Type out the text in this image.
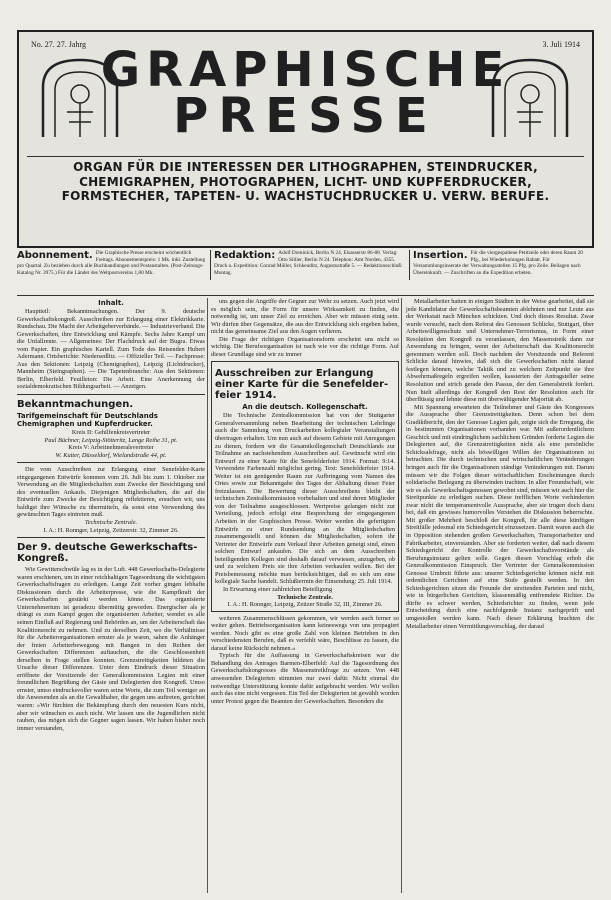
No. 27. 27. Jahrg	3. Juli 1914
GRAPHISCHE
PRESSE
ORGAN FÜR DIE INTERESSEN DER LITHOGRAPHEN, STEINDRUCKER,
CHEMIGRAPHEN, PHOTOGRAPHEN, LICHT- UND KUPFERDRUCKER,
FORMSTECHER, TAPETEN- U. WACHSTUCHDRUCKER U. VERW. BERUFE.
Abonnement. Die Graphische Presse erscheint wöchentlich Freitags. Abonnementspreis: 1 Mk. inkl. Zustellung pro Quartal. Zu beziehen durch alle Buchhandlungen und Postanstalten. (Post-Zeitungs-Katalog Nr. 3975.) Für die Länder des Weltpostvereins 1,80 Mk.
Redaktion: Adolf Dominick, Berlin N 24, Elsasserstr 86-88. Verlag: Otto Sillier, Berlin N 24. Telephon: Amt Norden, 4355. Druck u. Expedition: Conrad Müller, Schkeuditz, Augustustraße 5. — Redaktionsschluß: Montag.
Insertion. Für die viergespaltene Petitzeile oder deren Raum 20 Pfg., bei Wiederholungen Rabatt. Für Versammlungsinserate der Verwaltungsstellen 15 Pfg. pro Zeile. Beilagen nach Übereinkunft. — Zuschriften an die Expedition erbeten.
Inhalt.

Hauptteil: Bekanntmachungen. Der 9. deutsche Gewerkschaftskongreß. Ausschreiben zur Erlangung einer Elektrikkarte. Rundschau. Die Macht der Arbeitgeberverbände. — Industrieverband. Die Gewerkschaften, ihre Entwicklung und Kämpfe. Sechs Jahre Kampf um die Unfallrente. — Allgemeines: Der Flachdruck auf der Bugra. Etwas vom Papier. Ein graphisches Kartell. Zum Tode des Reisenden Hubert Adermann. Ortsberichte: Niedersedlitz. — Offizieller Teil. — Fachpresse: Aus den Sektionen: Leipzig (Chemigraphen), Leipzig (Lichtdrucker), Mannheim (Steingraphen). — Die Tapetenbranche: Aus den Sektionen: Berlin, Elberfeld. Feuilleton: Die Arbeit. Eine Anerkennung der sozialdemokratischen Bildungsarbeit. — Anzeigen.

Bekanntmachungen.
Tarifgemeinschaft für Deutschlands Chemigraphen und Kupferdrucker.

Kreis II: Gehilfenkreisvertreter

Paul Büchner, Leipzig-Stötteritz, Lange Reihe 31, pt.

Kreis V: Arbeitnehmeralsvertreter

W. Kutter, Düsseldorf, Wielandstraße 44, pt.

Die vom Ausschreiben zur Erlangung einer Senefelder-Karte eingegangenen Entwürfe kommen vom 26. Juli bis zum 1. Oktober zur Verwendung an die Mitgliedschaften zum Zwecke der Besichtigung und des eventuellen Ankaufs. Diejenigen Mitgliedschaften, die auf die Entwürfe zum Zwecke der Besichtigung reflektieren, ersuchen wir, uns baldigst ihre Wünsche zu übermitteln, da sonst eine Verwendung des gewünschten Tages eintreten muß.

Technische Zentrale.

I. A.: H. Ronnger, Leipzig, Zeitzerstr. 32, Zimmer 26.

Der 9. deutsche Gewerkschafts-Kongreß.

Wie Gewitterschwüle lag es in der Luft. 448 Gewerkschafts-Delegierte waren erschienen, um in einer reichhaltigen Tagesordnung die wichtigsten Gewerkschaftsfragen zu erledigen. Lange Zeit vorher gingen lebhafte Diskussionen durch die Arbeiterpresse, wie die Kampfkraft der Gewerkschaften gestärkt werden könne. Das organisierte Unternehmertum ist geradezu übermütig geworden. Energischer als je drängt es zum Kampf gegen die organisierten Arbeiter, wendet es alle seinen Einfluß auf Regierung und Behörden an, um der Arbeiterschaft das Koalitionsrecht zu nehmen. Und zu derselben Zeit, wo die Verhältnisse für die Arbeiterorganisationen ernster als je waren, sahen die Anhänger der freien Arbeiterbewegung mit Bangen in den Reihen der Gewerkschaften Differenzen auftauchen, die die Geschlossenheit derselben in Frage stellen konnten. Grenzstreitigkeiten bildeten die Ursache dieser Differenzen. Unter dem Eindruck dieser Situation eröffnete der Vorsitzende der Generalkommission Legien mit einer freundlichen Begrüßung der Gäste und Delegierten den Kongreß. Umso ernster, umso eindrucksvoller waren seine Worte, die zum Teil weniger an die Anwesenden als an die Gewalthaber, die gegen uns auftreten, gerichtet waren: »Wir fürchten die Bekämpfung durch den neuesten Kurs nicht, aber wir wünschen es auch nicht. Wir lassen uns die Jugendlichen nicht rauben, das mögen sich die Gegner sagen lassen. Wir haben bisher noch immer verstanden,

uns gegen die Angriffe der Gegner zur Wehr zu setzen. Auch jetzt wird es möglich sein, die Form für unsere Wirksamkeit zu finden, die notwendig ist, um unser Ziel zu erreichen. Aber wir müssen einig sein. Wir dürfen über Gegensätze, die aus der Entwicklung sich ergeben haben, nicht das gemeinsame Ziel aus den Augen verlieren.

Die Frage der richtigen Organisationsform erscheint uns nicht so wichtig. Die Berufsorganisation ist nach wie vor die richtige Form. Auf dieser Grundlage sind wir zu immer

Ausschreiben zur Erlangung einer Karte für die Senefelder-feier 1914.
An die deutsch. Kollegenschaft.

Die Technische Zentralkommission hat von der Stuttgarter Generalversammlung neben Bearbeitung der technischen Lehrlinge auch die Sammlung von Druckarbeiten kollegialer Veranstaltungen übertragen erhalten. Um nun auch auf diesem Gebiete mit Anregungen zu dienen, fordern wir die Gesamtkollegenschaft Deutschlands zur Teilnahme an nachstehendem Ausschreiben auf. Gewünscht wird ein Entwurf zu einer Karte für die Senefelderfeier 1914. Format: 9:14. Verwendete Farbenzahl möglichst gering. Text: Senefelderfeier 1914. Weiter ist ein genügender Raum zur Aufbringung vom Namen des Ortes sowie zur Bekanntgabe des Tages der Abhaltung dieser Feier freizulassen. Die Bewertung dieser Ausschreibens bleibt der technischen Zentralkommission vorbehalten und sind deren Mitglieder von der Teilnahme ausgeschlossen. Wertpreise gelangen nicht zur Verteilung, jedoch erfolgt eine Besprechung der eingegangenen Arbeiten in der Graphischen Presse. Weiter werden die gefertigten Entwürfe zu einer Rundsendung an die Mitgliedschaften zusammengestellt und können die Mitgliedschaften, sofern ihr Vertreter der Entwürfe zum Verkauf ihrer Arbeiten geneigt sind, einen solchen Entwurf ankaufen. Die sich an dem Ausschreiben beteiligenden Kollegen sind deshalb darauf verwiesen, anzugeben, ob und zu welchem Preis sie ihre Arbeiten verkaufen wollen. Bei der Preisbemessung möchte man berücksichtigen, daß es sich um eine kollegiale Sache handelt. Schlußtermin der Einsendung: 25. Juli 1914.

In Erwartung einer zahlreichen Beteiligung

Technische Zentrale.

I. A.: H. Ronnger, Leipzig, Zeitzer Straße 32, III, Zimmer 26.

weiteren Zusammenschlüssen gekommen, wir werden auch ferner so weiter gehen. Betriebsorganisation kann keineswegs von uns propagiert werden. Noch gibt es eine große Zahl von kleinen Betrieben in den verschiedensten Berufen, daß es verfehlt wäre, Beschlüsse zu fassen, die darauf keine Rücksicht nehmen.«

Typisch für die Auffassung in Gewerkschaftskreisen war die Behandlung des Antrages Barmen-Elberfeld: Auf die Tagesordnung des Gewerkschaftskongresses die Massenstreikfrage zu setzen. Von 448 anwesenden Delegierten stimmten nur zwei dafür. Nicht einmal die notwendige Unterstützung konnte dafür aufgebracht werden. Wir wollen auch das eine nicht vergessen. Ein Teil der Delegierten ist gewählt worden unter Protest gegen die Beamten der Gewerkschaften. Besonders die

Metallarbeiter hatten in einigen Städten in der Weise gearbeitet, daß sie jede Kandidatur der Gewerkschaftsbeamten ablehnten und nur Leute aus der Werkstatt nach München schickten. Und doch dieses Resultat. Zwar wurde versucht, nach dem Referat des Genossen Schlicke, Stuttgart, über Arbeitswilligenschutz und Unternehmer-Terrorismus, in Form einer Resolution den Kongreß zu veranlassen, den Massenstreik dann zur Anwendung zu bringen, wenn der Arbeiterschaft das Koalitionsrecht genommen werden soll. Doch nachdem der Vorsitzende und Referent Schlicke darauf hinwies, daß sich die Gewerkschaften nicht darauf festlegen können, welche Taktik und zu welchem Zeitpunkt sie ihre Abwehrmaßregeln ergreifen wollen, kassierten der Antragsteller seine Resolution und strich gerade den Passus, der den Generalstreik fordert. Nun hielt allerdings der Kongreß den Rest der Resolution auch für überflüssig und lehnte diese mit überwältigender Majorität ab.

Mit Spannung erwarteten die Teilnehmer und Gäste des Kongresses die Aussprache über Grenzstreitigkeiten. Denn schon bei dem Gradiktbericht, den der Genosse Legien gab, zeigte sich die Erregung, die in bestimmten Organisationen vorhanden war. Mit außerordentlichem Geschick und mit eindringlichem sachlichem Gründen forderte Legien die Delegierten auf, die Grenzstreitigkeiten nicht als eine persönliche Schicksalsfrage, nicht als böswilligen Willen der Organisationen zu betrachten. Die durch technischen und wirtschaftlichen Veränderungen bringen auch für die Organisationen ständige Veränderungen mit. Darum müssen wir die Folgen dieser wirtschaftlichen Erscheinungen durch solidarische Beilegung zu überwinden trachten. In aller Freundschaft, wie wir es als Gewerkschaftsgenossen gewohnt sind, müssen wir auch hier die Streitpunkte zu erledigen suchen. Diese trefflichen Worte verhinderten zwar nicht die temperamentvolle Aussprache, aber sie trugen doch dazu bei, daß ein gewisses humorvolles Verstehen die Diskussion beherrschte. Mit großer Mehrheit beschloß der Kongreß, für alle diese künftigen Streitfälle jedesmal ein Schiedsgericht einzusetzen. Damit waren auch die in Opposition stehenden großen Gewerkschaften, Transportarbeiter und Fabrikarbeiter, einverstanden. Aber sie forderten weiter, daß nach diesem Schiedsgericht der Kontrolle der Gewerkschaftsvorstände als Berufungsinstanz gelten solle. Gegen diesen Vorschlag erhob die Generalkommission Einspruch. Der Vertreter der Generalkommission Genosse Umbreit führte aus: unserer Schiedsgerichte können nicht mit ordentlichen Gerichten auf eine Stufe gestellt werden. In den Schiedsgerichten sitzen die Freunde der streitenden Parteien und nicht, wie in bürgerlichen Gerichten, klassenmäßig entfremdete Richter. Da dürfte es schwer werden, Schiedsrichter zu finden, wenn jede Entscheidung durch eine nachfolgende Instanz nachgeprüft und umgestoßen werden kann. Nach dieser Erklärung brachten die Metallarbeiter einen Vermittlungsvorschlag, der darauf
